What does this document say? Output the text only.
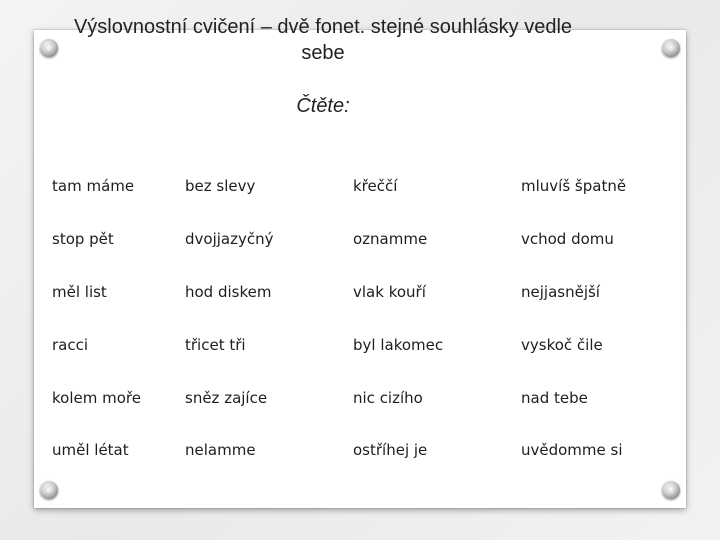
Výslovnostní cvičení – dvě fonet. stejné souhlásky vedle
sebe
Čtěte:
tam máme	bez slevy	křeččí	mluvíš špatně
stop pět	dvojjazyčný	oznamme	vchod domu
měl list	hod diskem	vlak kouří	nejjasnější
racci	třicet tři	byl lakomec	vyskoč čile
kolem moře	sněz zajíce	nic cizího	nad tebe
uměl létat	nelamme	ostříhej je	uvědomme si
